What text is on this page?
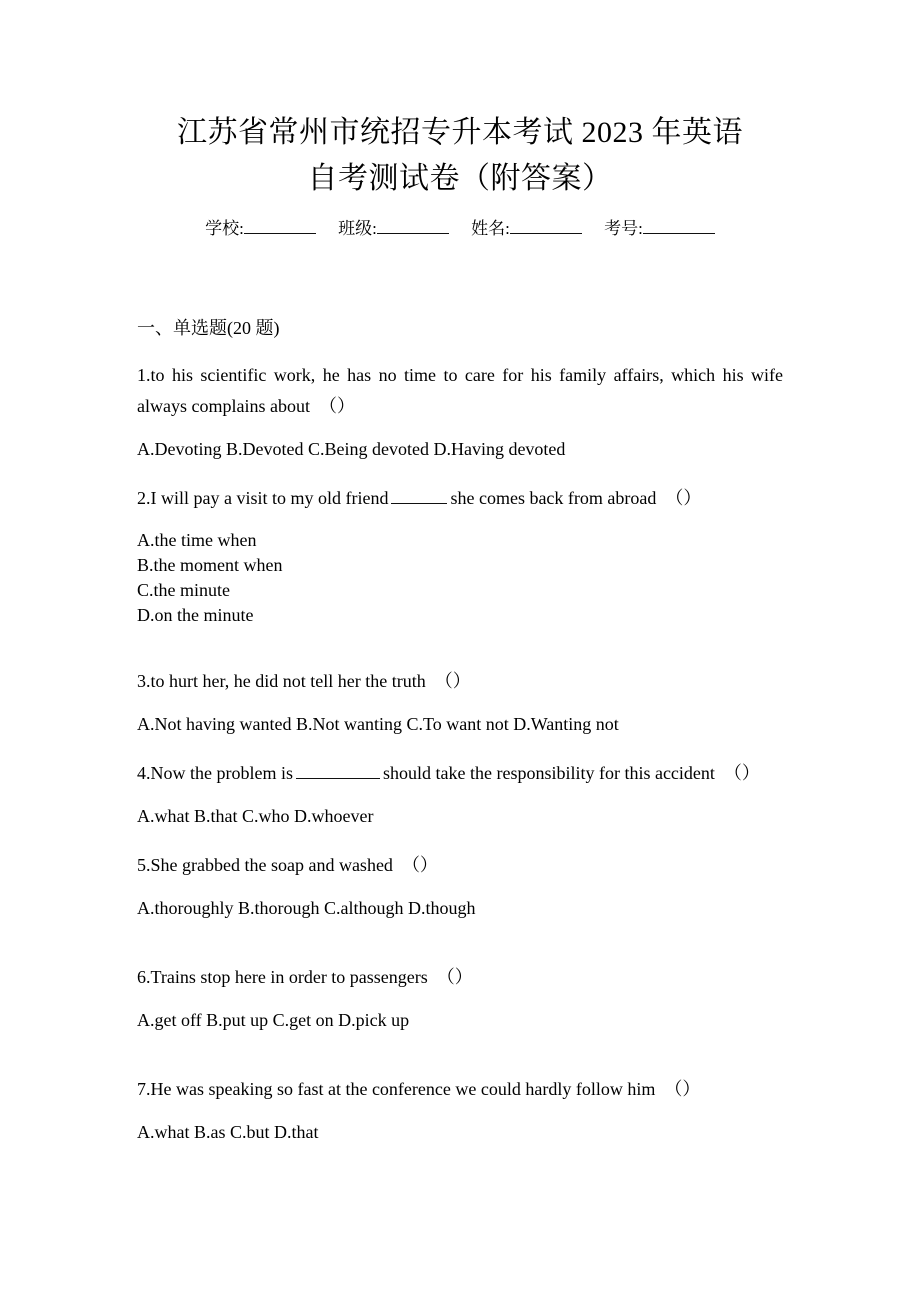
江苏省常州市统招专升本考试 2023 年英语
自考测试卷（附答案）
学校:	班级:	姓名:	考号:
一、单选题(20 题)

1.to his scientific work, he has no time to care for his family affairs, which his wife always complains about （）

A.Devoting B.Devoted C.Being devoted D.Having devoted

2.I will pay a visit to my old friend	she comes back from abroad （）

A.the time when
B.the moment when
C.the minute
D.on the minute

3.to hurt her, he did not tell her the truth （）

A.Not having wanted B.Not wanting C.To want not D.Wanting not

4.Now the problem is	should take the responsibility for this accident （）

A.what B.that C.who D.whoever

5.She grabbed the soap and washed （）

A.thoroughly B.thorough C.although D.though

6.Trains stop here in order to passengers （）

A.get off B.put up C.get on D.pick up

7.He was speaking so fast at the conference we could hardly follow him （）

A.what B.as C.but D.that
